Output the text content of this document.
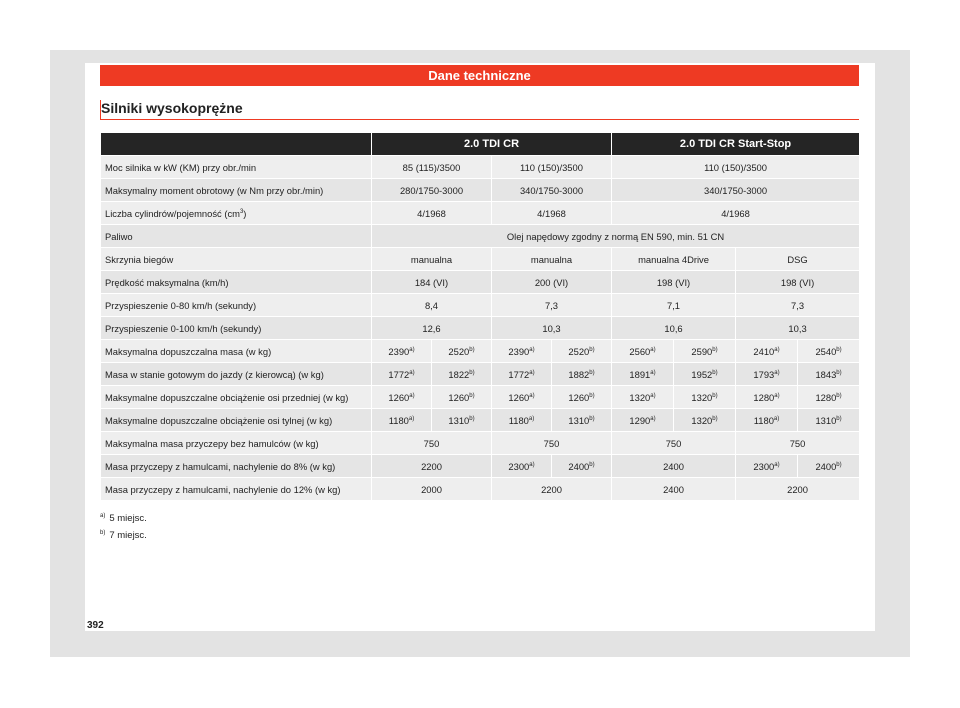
Dane techniczne
Silniki wysokoprężne
	2.0 TDI CR				2.0 TDI CR Start-Stop			
Moc silnika w kW (KM) przy obr./min	85 (115)/3500		110 (150)/3500		110 (150)/3500			
Maksymalny moment obrotowy (w Nm przy obr./min)	280/1750-3000		340/1750-3000		340/1750-3000			
Liczba cylindrów/pojemność $(cm^3)$	4/1968		4/1968		4/1968			
Paliwo	Olej napędowy zgodny z normą EN 590, min. 51 CN							
Skrzynia biegów	manualna		manualna		manualna 4Drive		DSG	
Prędkość maksymalna (km/h)	184 (VI)		200 (VI)		198 (VI)		198 (VI)	
Przyspieszenie 0-80 km/h (sekundy)	8,4		7,3		7,1		7,3	
Przyspieszenie 0-100 km/h (sekundy)	12,6		10,3		10,6		10,3	
Maksymalna dopuszczalna masa (w kg)	2390$^{a)}$	2520$^{b)}$	2390$^{a)}$	2520$^{b)}$	2560$^{a)}$	2590$^{b)}$	2410$^{a)}$	2540$^{b)}$
Masa w stanie gotowym do jazdy (z kierowcą) (w kg)	1772$^{a)}$	1822$^{b)}$	1772$^{a)}$	1882$^{b)}$	1891$^{a)}$	1952$^{b)}$	1793$^{a)}$	1843$^{b)}$
Maksymalne dopuszczalne obciążenie osi przedniej (w kg)	1260$^{a)}$	1260$^{b)}$	1260$^{a)}$	1260$^{b)}$	1320$^{a)}$	1320$^{b)}$	1280$^{a)}$	1280$^{b)}$
Maksymalne dopuszczalne obciążenie osi tylnej (w kg)	1180$^{a)}$	1310$^{b)}$	1180$^{a)}$	1310$^{b)}$	1290$^{a)}$	1320$^{b)}$	1180$^{a)}$	1310$^{b)}$
Maksymalna masa przyczepy bez hamulców (w kg)	750		750		750		750	
Masa przyczepy z hamulcami, nachylenie do 8% (w kg)	2200		2300$^{a)}$	2400$^{b)}$	2400		2300$^{a)}$	2400$^{b)}$
Masa przyczepy z hamulcami, nachylenie do 12% (w kg)	2000		2200		2400		2200	
$^{a)}$ 5 miejsc.
$^{b)}$ 7 miejsc.
392
